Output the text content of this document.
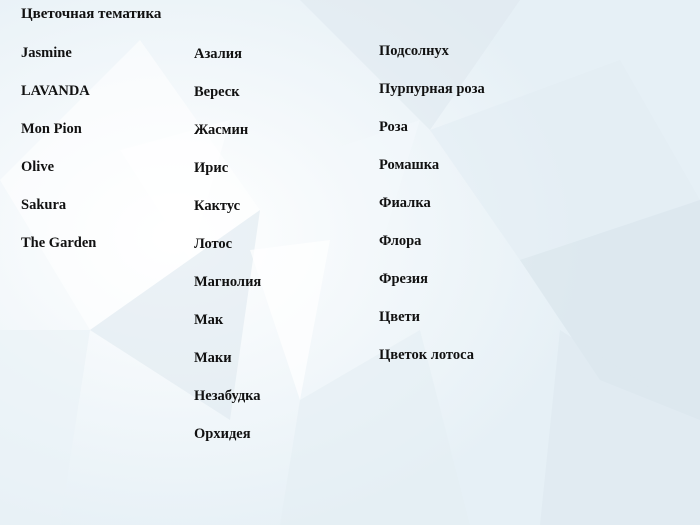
Цветочная тематика
Jasmine
LAVANDA
Mon Pion
Olive
Sakura
The Garden
Азалия
Вереск
Жасмин
Ирис
Кактус
Лотос
Магнолия
Мак
Маки
Незабудка
Орхидея
Подсолнух
Пурпурная роза
Роза
Ромашка
Фиалка
Флора
Фрезия
Цвети
Цветок лотоса
